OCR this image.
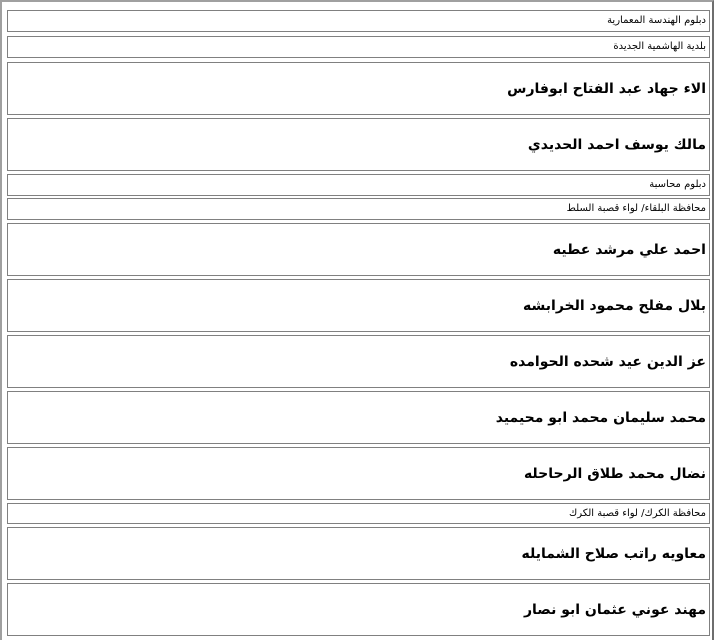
دبلوم الهندسة المعمارية
بلدية الهاشمية الجديدة
الاء جهاد عبد الفتاح ابوفارس
مالك يوسف احمد الحديدي
دبلوم محاسبة
محافظة البلقاء/ لواء قصبة السلط
احمد علي مرشد عطيه
بلال مفلح محمود الخرابشه
عز الدين عيد شحده الحوامده
محمد سليمان محمد ابو محيميد
نضال محمد طلاق الرحاحله
محافظة الكرك/ لواء قصبة الكرك
معاويه راتب صلاح الشمايله
مهند عوني عثمان ابو نصار
